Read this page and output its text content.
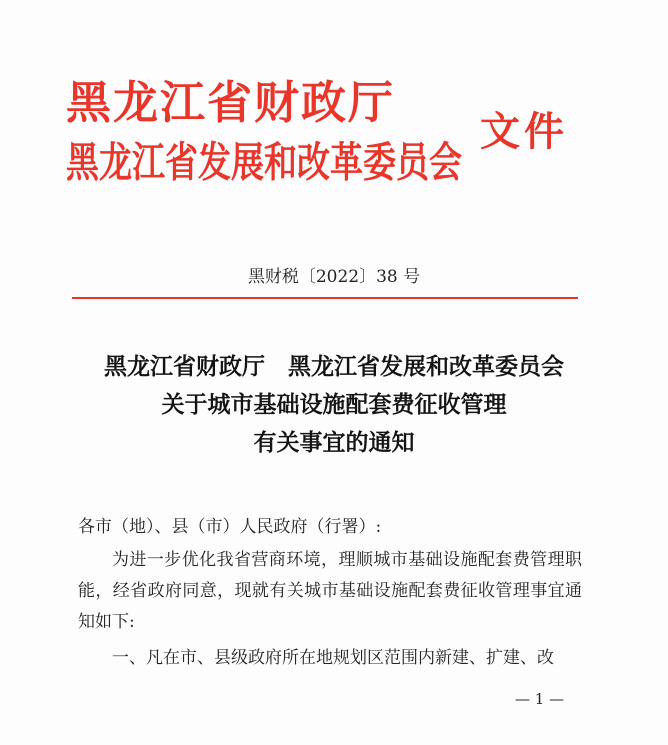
黑龙江省财政厅
黑龙江省发展和改革委员会
文件
黑财税〔2022〕38 号
黑龙江省财政厅　黑龙江省发展和改革委员会
关于城市基础设施配套费征收管理
有关事宜的通知
各市（地）、县（市）人民政府（行署）:

为进一步优化我省营商环境，理顺城市基础设施配套费管理职能，经省政府同意，现就有关城市基础设施配套费征收管理事宜通知如下:

一、凡在市、县级政府所在地规划区范围内新建、扩建、改

— 1 —
